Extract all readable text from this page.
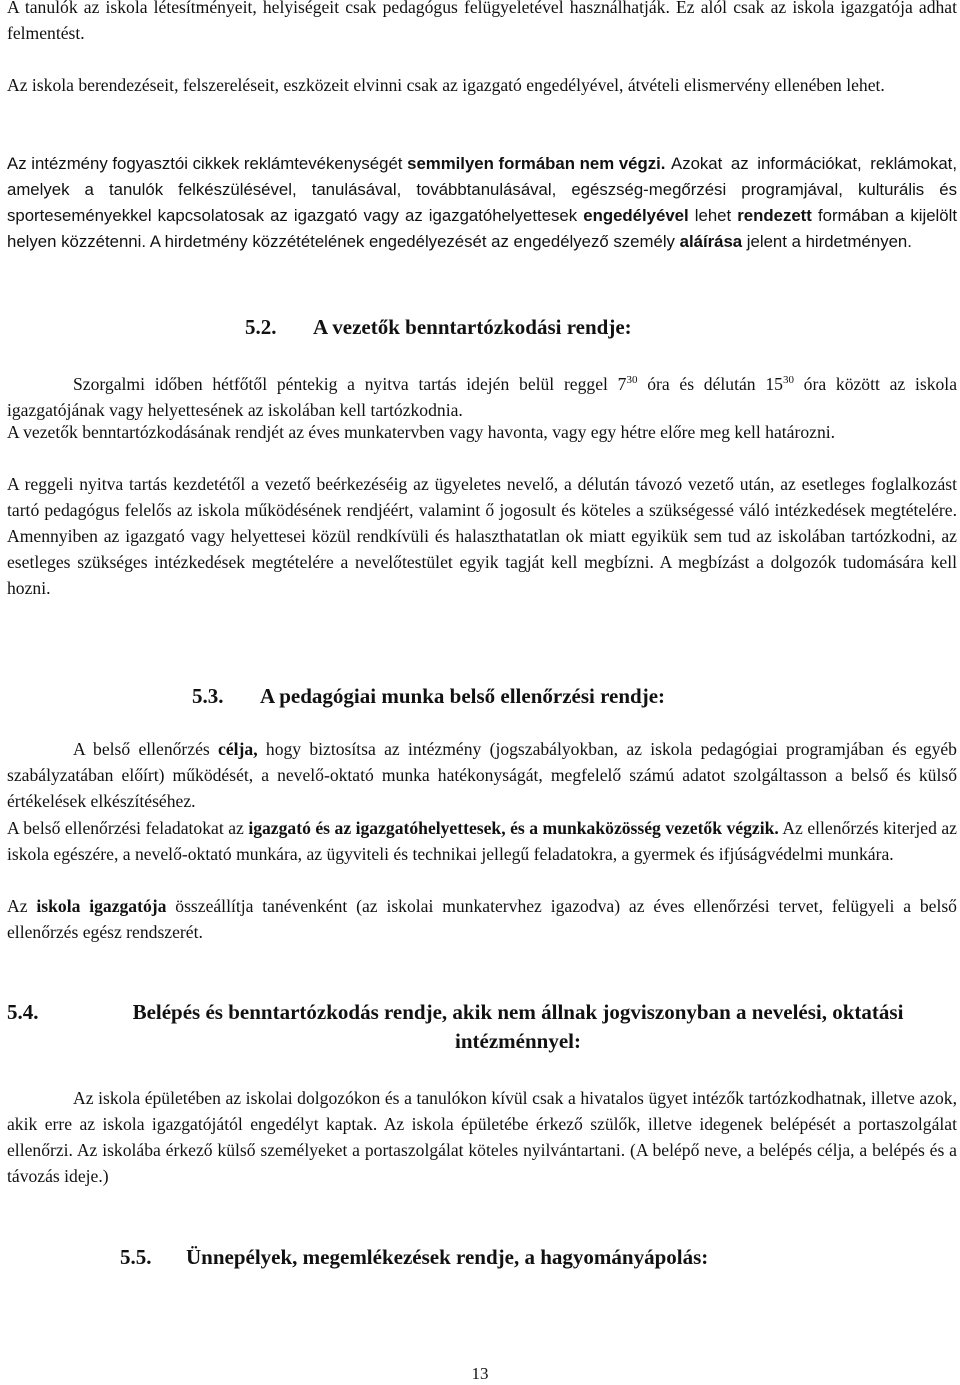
A tanulók az iskola létesítményeit, helyiségeit csak pedagógus felügyeletével használhatják. Ez alól csak az iskola igazgatója adhat felmentést.

Az iskola berendezéseit, felszereléseit, eszközeit elvinni csak az igazgató engedélyével, átvételi elismervény ellenében lehet.

Az intézmény fogyasztói cikkek reklámtevékenységét semmilyen formában nem végzi. Azokat az információkat, reklámokat, amelyek a tanulók felkészülésével, tanulásával, továbbtanulásával, egészség-megőrzési programjával, kulturális és sporteseményekkel kapcsolatosak az igazgató vagy az igazgatóhelyettesek engedélyével lehet rendezett formában a kijelölt helyen közzétenni. A hirdetmény közzétételének engedélyezését az engedélyező személy aláírása jelent a hirdetményen.

5.2. A vezetők benntartózkodási rendje:

Szorgalmi időben hétfőtől péntekig a nyitva tartás idején belül reggel $7^{30}$ óra és délután $15^{30}$ óra között az iskola igazgatójának vagy helyettesének az iskolában kell tartózkodnia.

A vezetők benntartózkodásának rendjét az éves munkatervben vagy havonta, vagy egy hétre előre meg kell határozni.

A reggeli nyitva tartás kezdetétől a vezető beérkezéséig az ügyeletes nevelő, a délután távozó vezető után, az esetleges foglalkozást tartó pedagógus felelős az iskola működésének rendjéért, valamint ő jogosult és köteles a szükségessé váló intézkedések megtételére. Amennyiben az igazgató vagy helyettesei közül rendkívüli és halaszthatatlan ok miatt egyikük sem tud az iskolában tartózkodni, az esetleges szükséges intézkedések megtételére a nevelőtestület egyik tagját kell megbízni. A megbízást a dolgozók tudomására kell hozni.

5.3. A pedagógiai munka belső ellenőrzési rendje:

A belső ellenőrzés célja, hogy biztosítsa az intézmény (jogszabályokban, az iskola pedagógiai programjában és egyéb szabályzatában előírt) működését, a nevelő-oktató munka hatékonyságát, megfelelő számú adatot szolgáltasson a belső és külső értékelések elkészítéséhez.

A belső ellenőrzési feladatokat az igazgató és az igazgatóhelyettesek, és a munkaközösség vezetők végzik. Az ellenőrzés kiterjed az iskola egészére, a nevelő-oktató munkára, az ügyviteli és technikai jellegű feladatokra, a gyermek és ifjúságvédelmi munkára.

Az iskola igazgatója összeállítja tanévenként (az iskolai munkatervhez igazodva) az éves ellenőrzési tervet, felügyeli a belső ellenőrzés egész rendszerét.

5.4.	Belépés és benntartózkodás rendje, akik nem állnak jogviszonyban a nevelési, oktatási intézménnyel:

Az iskola épületében az iskolai dolgozókon és a tanulókon kívül csak a hivatalos ügyet intézők tartózkodhatnak, illetve azok, akik erre az iskola igazgatójától engedélyt kaptak. Az iskola épületébe érkező szülők, illetve idegenek belépését a portaszolgálat ellenőrzi. Az iskolába érkező külső személyeket a portaszolgálat köteles nyilvántartani. (A belépő neve, a belépés célja, a belépés és a távozás ideje.)

5.5. Ünnepélyek, megemlékezések rendje, a hagyományápolás:
13
